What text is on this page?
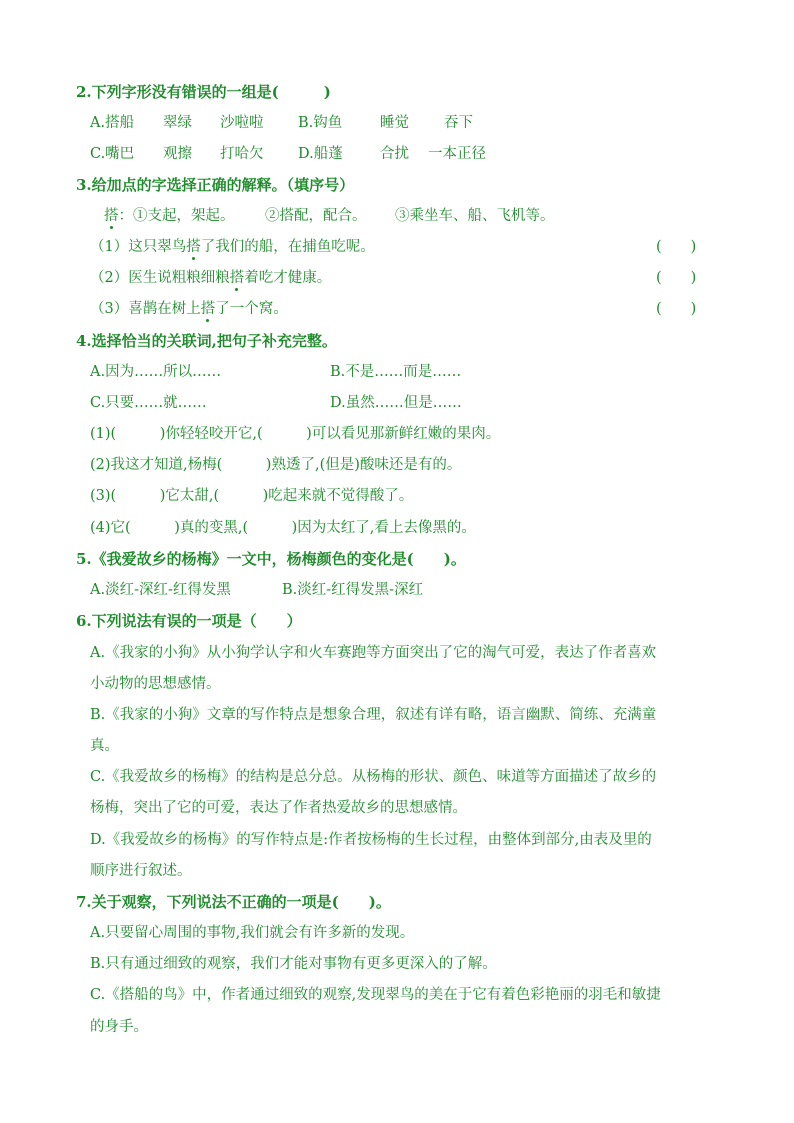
2.下列字形没有错误的一组是(　　　)
A.搭船 翠绿 沙啦啦 B.钩鱼	睡觉 吞下
C.嘴巴 观擦 打哈欠 D.船蓬	合扰 一本正径
3.给加点的字选择正确的解释。（填序号）
搭：①支起，架起。 ②搭配，配合。 ③乘坐车、船、飞机等。
（1）这只翠鸟搭了我们的船，在捕鱼吃呢。	(　　)
（2）医生说粗粮细粮搭着吃才健康。	(　　)
（3）喜鹊在树上搭了一个窝。	(　　)
4.选择恰当的关联词,把句子补充完整。
A.因为……所以……	B.不是……而是……
C.只要……就……	D.虽然……但是……
(1)(　　　)你轻轻咬开它,(　　　)可以看见那新鲜红嫩的果肉。
(2)我这才知道,杨梅(　　　)熟透了,(但是)酸味还是有的。
(3)(　　　)它太甜,(　　　)吃起来就不觉得酸了。
(4)它(　　　)真的变黑,(　　　)因为太红了,看上去像黑的。
5.《我爱故乡的杨梅》一文中，杨梅颜色的变化是(　　)。
A.淡红-深红-红得发黑	B.淡红-红得发黑-深红
6.下列说法有误的一项是（　　）
A.《我家的小狗》从小狗学认字和火车赛跑等方面突出了它的淘气可爱，表达了作者喜欢
小动物的思想感情。
B.《我家的小狗》文章的写作特点是想象合理，叙述有详有略，语言幽默、简练、充满童
真。
C.《我爱故乡的杨梅》的结构是总分总。从杨梅的形状、颜色、味道等方面描述了故乡的
杨梅，突出了它的可爱，表达了作者热爱故乡的思想感情。
D.《我爱故乡的杨梅》的写作特点是:作者按杨梅的生长过程，由整体到部分,由表及里的
顺序进行叙述。
7.关于观察，下列说法不正确的一项是(　　)。
A.只要留心周围的事物,我们就会有许多新的发现。
B.只有通过细致的观察，我们才能对事物有更多更深入的了解。
C.《搭船的鸟》中，作者通过细致的观察,发现翠鸟的美在于它有着色彩艳丽的羽毛和敏捷
的身手。
